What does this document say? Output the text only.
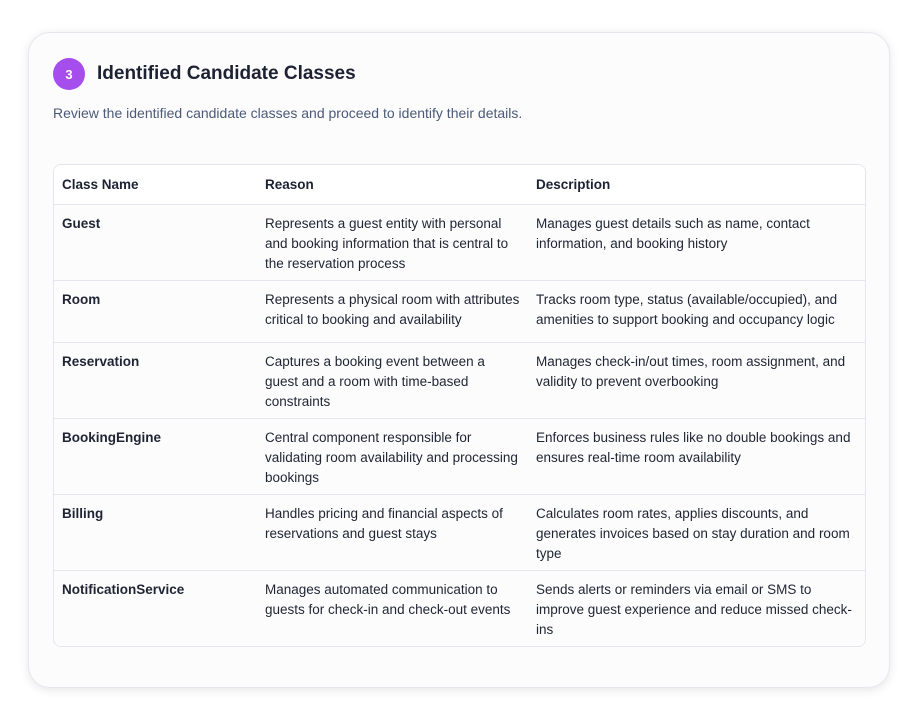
3	Identified Candidate Classes
Review the identified candidate classes and proceed to identify their details.
Class Name	Reason	Description
Guest	Represents a guest entity with personal and booking information that is central to the reservation process	Manages guest details such as name, contact information, and booking history
Room	Represents a physical room with attributes critical to booking and availability	Tracks room type, status (available/occupied), and amenities to support booking and occupancy logic
Reservation	Captures a booking event between a guest and a room with time-based constraints	Manages check-in/out times, room assignment, and validity to prevent overbooking
BookingEngine	Central component responsible for validating room availability and processing bookings	Enforces business rules like no double bookings and ensures real-time room availability
Billing	Handles pricing and financial aspects of reservations and guest stays	Calculates room rates, applies discounts, and generates invoices based on stay duration and room type
NotificationService	Manages automated communication to guests for check-in and check-out events	Sends alerts or reminders via email or SMS to improve guest experience and reduce missed check-ins
